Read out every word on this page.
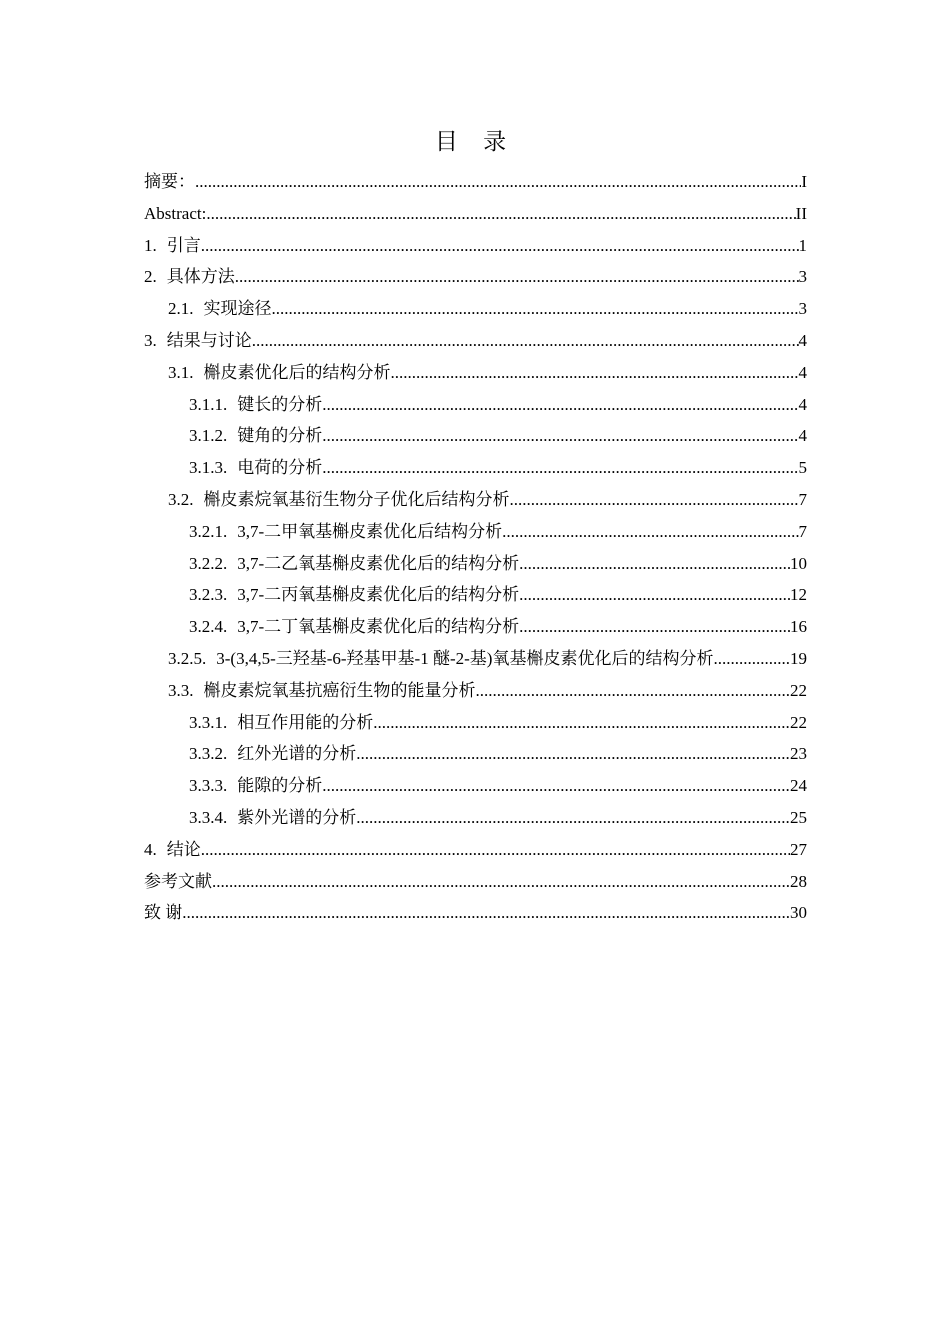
目 录
摘要： .....	I
Abstract: .....	II
1. 引言 .....	1
2. 具体方法 .....	3
2.1. 实现途径 .....	3
3. 结果与讨论 .....	4
3.1. 槲皮素优化后的结构分析 .....	4
3.1.1. 键长的分析 .....	4
3.1.2. 键角的分析 .....	4
3.1.3. 电荷的分析 .....	5
3.2. 槲皮素烷氧基衍生物分子优化后结构分析 .....	7
3.2.1. 3,7-二甲氧基槲皮素优化后结构分析 .....	7
3.2.2. 3,7-二乙氧基槲皮素优化后的结构分析 .....	10
3.2.3. 3,7-二丙氧基槲皮素优化后的结构分析 .....	12
3.2.4. 3,7-二丁氧基槲皮素优化后的结构分析 .....	16
3.2.5. 3-(3,4,5-三羟基-6-羟基甲基-1 醚-2-基)氧基槲皮素优化后的结构分析 .....	19
3.3. 槲皮素烷氧基抗癌衍生物的能量分析 .....	22
3.3.1. 相互作用能的分析 .....	22
3.3.2. 红外光谱的分析 .....	23
3.3.3. 能隙的分析 .....	24
3.3.4. 紫外光谱的分析 .....	25
4. 结论 .....	27
参考文献 .....	28
致 谢 .....	30
